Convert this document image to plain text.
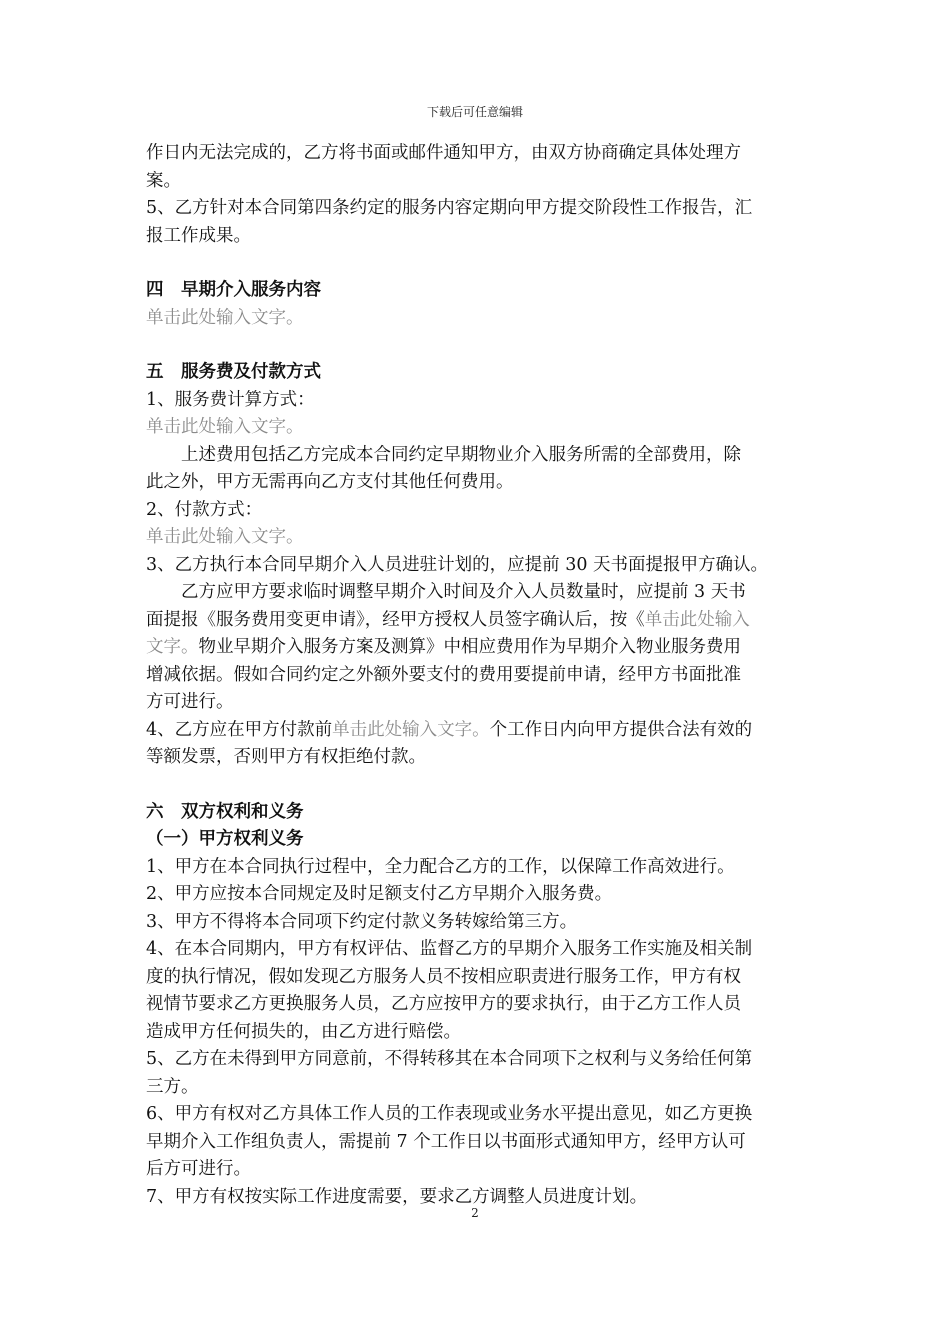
下载后可任意编辑

作日内无法完成的，乙方将书面或邮件通知甲方，由双方协商确定具体处理方

案。

5、乙方针对本合同第四条约定的服务内容定期向甲方提交阶段性工作报告，汇

报工作成果。

四　早期介入服务内容

单击此处输入文字。

五　服务费及付款方式

1、服务费计算方式：

单击此处输入文字。

上述费用包括乙方完成本合同约定早期物业介入服务所需的全部费用，除

此之外，甲方无需再向乙方支付其他任何费用。

2、付款方式：

单击此处输入文字。

3、乙方执行本合同早期介入人员进驻计划的，应提前 30 天书面提报甲方确认。

乙方应甲方要求临时调整早期介入时间及介入人员数量时，应提前 3 天书

面提报《服务费用变更申请》，经甲方授权人员签字确认后，按《单击此处输入

文字。物业早期介入服务方案及测算》中相应费用作为早期介入物业服务费用

增减依据。假如合同约定之外额外要支付的费用要提前申请，经甲方书面批准

方可进行。

4、乙方应在甲方付款前单击此处输入文字。个工作日内向甲方提供合法有效的

等额发票，否则甲方有权拒绝付款。

六　双方权利和义务
（一）甲方权利义务

1、甲方在本合同执行过程中，全力配合乙方的工作，以保障工作高效进行。

2、甲方应按本合同规定及时足额支付乙方早期介入服务费。

3、甲方不得将本合同项下约定付款义务转嫁给第三方。

4、在本合同期内，甲方有权评估、监督乙方的早期介入服务工作实施及相关制

度的执行情况，假如发现乙方服务人员不按相应职责进行服务工作，甲方有权

视情节要求乙方更换服务人员，乙方应按甲方的要求执行，由于乙方工作人员

造成甲方任何损失的，由乙方进行赔偿。

5、乙方在未得到甲方同意前，不得转移其在本合同项下之权利与义务给任何第

三方。

6、甲方有权对乙方具体工作人员的工作表现或业务水平提出意见，如乙方更换

早期介入工作组负责人，需提前 7 个工作日以书面形式通知甲方，经甲方认可

后方可进行。

7、甲方有权按实际工作进度需要，要求乙方调整人员进度计划。

2
